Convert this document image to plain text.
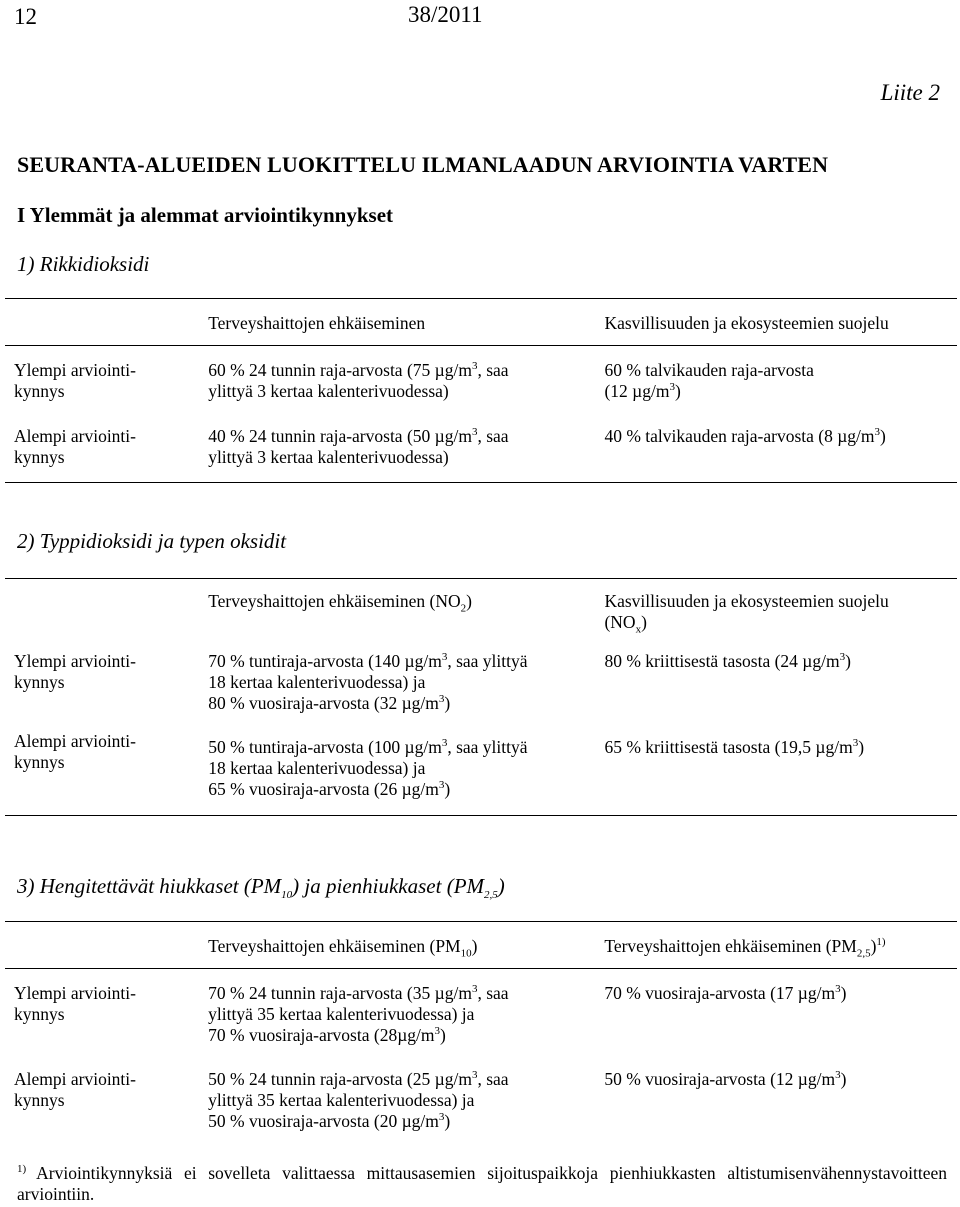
12	38/2011
Liite 2
SEURANTA-ALUEIDEN LUOKITTELU ILMANLAADUN ARVIOINTIA VARTEN
I Ylemmät ja alemmat arviointikynnykset
1) Rikkidioksidi
	Terveyshaittojen ehkäiseminen	Kasvillisuuden ja ekosysteemien suojelu
Ylempi arviointi-
kynnys	60 % 24 tunnin raja-arvosta (75 $\mu g/m^3$, saa
ylittyä 3 kertaa kalenterivuodessa)	60 % talvikauden raja-arvosta
(12 $\mu g/m^3$)
Alempi arviointi-
kynnys	40 % 24 tunnin raja-arvosta (50 $\mu g/m^3$, saa
ylittyä 3 kertaa kalenterivuodessa)	40 % talvikauden raja-arvosta (8 $\mu g/m^3$)
2) Typpidioksidi ja typen oksidit
	Terveyshaittojen ehkäiseminen $(NO_2)$	Kasvillisuuden ja ekosysteemien suojelu
$(NO_x)$
Ylempi arviointi-
kynnys	70 % tuntiraja-arvosta (140 $\mu g/m^3$, saa ylittyä
18 kertaa kalenterivuodessa) ja
80 % vuosiraja-arvosta (32 $\mu g/m^3$)	80 % kriittisestä tasosta (24 $\mu g/m^3$)
Alempi arviointi-
kynnys	50 % tuntiraja-arvosta (100 $\mu g/m^3$, saa ylittyä
18 kertaa kalenterivuodessa) ja
65 % vuosiraja-arvosta (26 $\mu g/m^3$)	65 % kriittisestä tasosta (19,5 $\mu g/m^3$)
3) Hengitettävät hiukkaset $(PM_{10})$ ja pienhiukkaset $(PM_{2,5})$
	Terveyshaittojen ehkäiseminen $(PM_{10})$	Terveyshaittojen ehkäiseminen $(PM_{2,5})^{1)}$
Ylempi arviointi-
kynnys	70 % 24 tunnin raja-arvosta (35 $\mu g/m^3$, saa
ylittyä 35 kertaa kalenterivuodessa) ja
70 % vuosiraja-arvosta $(28\mu g/m^3)$	70 % vuosiraja-arvosta (17 $\mu g/m^3$)
Alempi arviointi-
kynnys	50 % 24 tunnin raja-arvosta (25 $\mu g/m^3$, saa
ylittyä 35 kertaa kalenterivuodessa) ja
50 % vuosiraja-arvosta (20 $\mu g/m^3$)	50 % vuosiraja-arvosta (12 $\mu g/m^3$)
$^{1)}$ Arviointikynnyksiä ei sovelleta valittaessa mittausasemien sijoituspaikkoja pienhiukkasten altistumisenvähennystavoitteen arviointiin.
